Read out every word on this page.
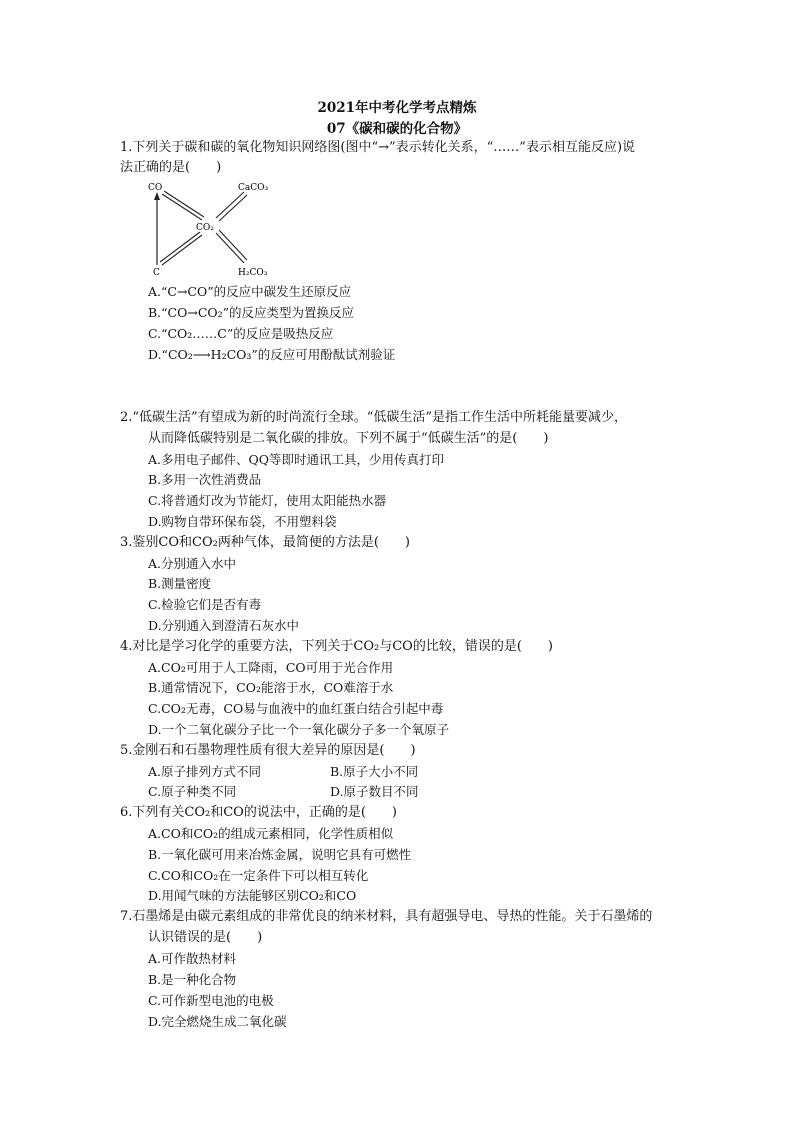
2021年中考化学考点精炼
07《碳和碳的化合物》
1.下列关于碳和碳的氧化物知识网络图(图中“→”表示转化关系，“……”表示相互能反应)说
法正确的是(　　)
CO	CaCO₃
CO₂
C	H₂CO₃
A.“C→CO”的反应中碳发生还原反应
B.“CO→CO₂”的反应类型为置换反应
C.“CO₂……C”的反应是吸热反应
D.“CO₂⟶H₂CO₃”的反应可用酚酞试剂验证
2.“低碳生活”有望成为新的时尚流行全球。“低碳生活”是指工作生活中所耗能量要减少，
从而降低碳特别是二氧化碳的排放。下列不属于“低碳生活”的是(　　)
A.多用电子邮件、QQ等即时通讯工具，少用传真打印
B.多用一次性消费品
C.将普通灯改为节能灯，使用太阳能热水器
D.购物自带环保布袋，不用塑料袋
3.鉴别CO和CO₂两种气体，最简便的方法是(　　)
A.分别通入水中
B.测量密度
C.检验它们是否有毒
D.分别通入到澄清石灰水中
4.对比是学习化学的重要方法，下列关于CO₂与CO的比较，错误的是(　　)
A.CO₂可用于人工降雨，CO可用于光合作用
B.通常情况下，CO₂能溶于水，CO难溶于水
C.CO₂无毒，CO易与血液中的血红蛋白结合引起中毒
D.一个二氧化碳分子比一个一氧化碳分子多一个氧原子
5.金刚石和石墨物理性质有很大差异的原因是(　　)
A.原子排列方式不同	B.原子大小不同
C.原子种类不同	D.原子数目不同
6.下列有关CO₂和CO的说法中，正确的是(　　)
A.CO和CO₂的组成元素相同，化学性质相似
B.一氧化碳可用来冶炼金属，说明它具有可燃性
C.CO和CO₂在一定条件下可以相互转化
D.用闻气味的方法能够区别CO₂和CO
7.石墨烯是由碳元素组成的非常优良的纳米材料，具有超强导电、导热的性能。关于石墨烯的
认识错误的是(　　)
A.可作散热材料
B.是一种化合物
C.可作新型电池的电极
D.完全燃烧生成二氧化碳
